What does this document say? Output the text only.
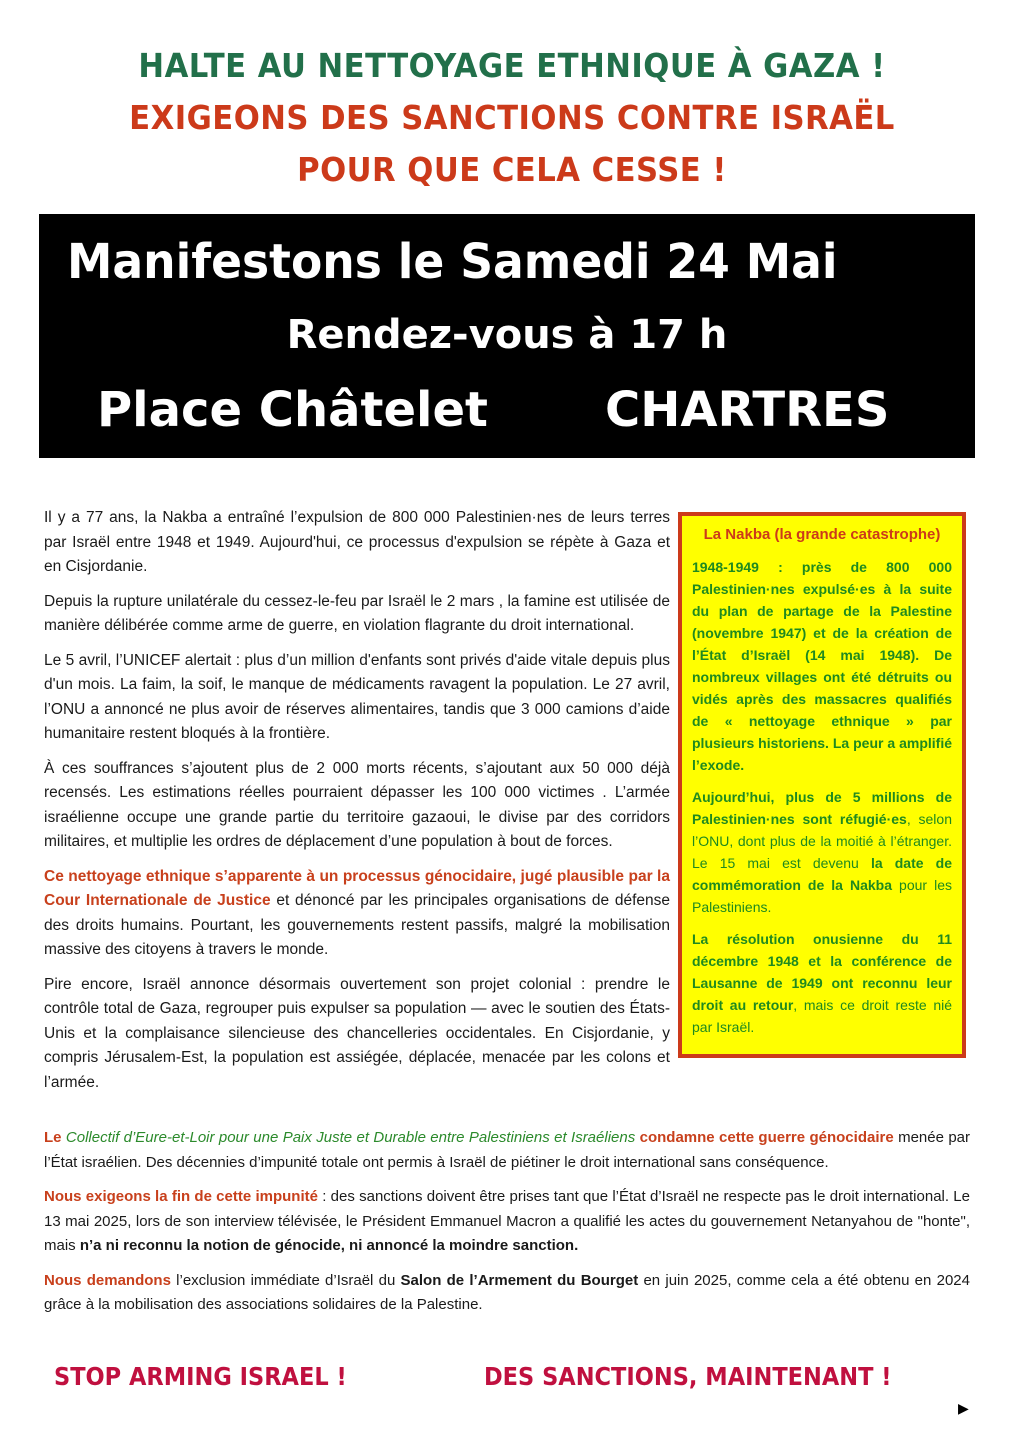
HALTE AU NETTOYAGE ETHNIQUE À GAZA !
EXIGEONS DES SANCTIONS CONTRE ISRAËL
POUR QUE CELA CESSE !
Manifestons le Samedi 24 Mai
Rendez-vous à 17 h
Place Châtelet CHARTRES

Il y a 77 ans, la Nakba a entraîné l’expulsion de 800 000 Palestinien·nes de leurs terres par Israël entre 1948 et 1949. Aujourd'hui, ce processus d'expulsion se répète à Gaza et en Cisjordanie.

Depuis la rupture unilatérale du cessez-le-feu par Israël le 2 mars , la famine est utilisée de manière délibérée comme arme de guerre, en violation flagrante du droit international.

Le 5 avril, l’UNICEF alertait : plus d’un million d'enfants sont privés d'aide vitale depuis plus d'un mois. La faim, la soif, le manque de médicaments ravagent la population. Le 27 avril, l’ONU a annoncé ne plus avoir de réserves alimentaires, tandis que 3 000 camions d’aide humanitaire restent bloqués à la frontière.

À ces souffrances s’ajoutent plus de 2 000 morts récents, s’ajoutant aux 50 000 déjà recensés. Les estimations réelles pourraient dépasser les 100 000 victimes . L’armée israélienne occupe une grande partie du territoire gazaoui, le divise par des corridors militaires, et multiplie les ordres de déplacement d’une population à bout de forces.

Ce nettoyage ethnique s’apparente à un processus génocidaire, jugé plausible par la Cour Internationale de Justice et dénoncé par les principales organisations de défense des droits humains. Pourtant, les gouvernements restent passifs, malgré la mobilisation massive des citoyens à travers le monde.

Pire encore, Israël annonce désormais ouvertement son projet colonial : prendre le contrôle total de Gaza, regrouper puis expulser sa population — avec le soutien des États-Unis et la complaisance silencieuse des chancelleries occidentales. En Cisjordanie, y compris Jérusalem-Est, la population est assiégée, déplacée, menacée par les colons et l’armée.

La Nakba (la grande catastrophe)

1948-1949 : près de 800 000 Palestinien·nes expulsé·es à la suite du plan de partage de la Palestine (novembre 1947) et de la création de l’État d’Israël (14 mai 1948). De nombreux villages ont été détruits ou vidés après des massacres qualifiés de « nettoyage ethnique » par plusieurs historiens. La peur a amplifié l’exode.

Aujourd’hui, plus de 5 millions de Palestinien·nes sont réfugié·es, selon l’ONU, dont plus de la moitié à l’étranger. Le 15 mai est devenu la date de commémoration de la Nakba pour les Palestiniens.

La résolution onusienne du 11 décembre 1948 et la conférence de Lausanne de 1949 ont reconnu leur droit au retour, mais ce droit reste nié par Israël.

Le Collectif d’Eure-et-Loir pour une Paix Juste et Durable entre Palestiniens et Israéliens condamne cette guerre génocidaire menée par l’État israélien. Des décennies d’impunité totale ont permis à Israël de piétiner le droit international sans conséquence.

Nous exigeons la fin de cette impunité : des sanctions doivent être prises tant que l’État d’Israël ne respecte pas le droit international. Le 13 mai 2025, lors de son interview télévisée, le Président Emmanuel Macron a qualifié les actes du gouvernement Netanyahou de "honte", mais n’a ni reconnu la notion de génocide, ni annoncé la moindre sanction.

Nous demandons l’exclusion immédiate d’Israël du Salon de l’Armement du Bourget en juin 2025, comme cela a été obtenu en 2024 grâce à la mobilisation des associations solidaires de la Palestine.

STOP ARMING ISRAEL !	DES SANCTIONS, MAINTENANT !
▶
